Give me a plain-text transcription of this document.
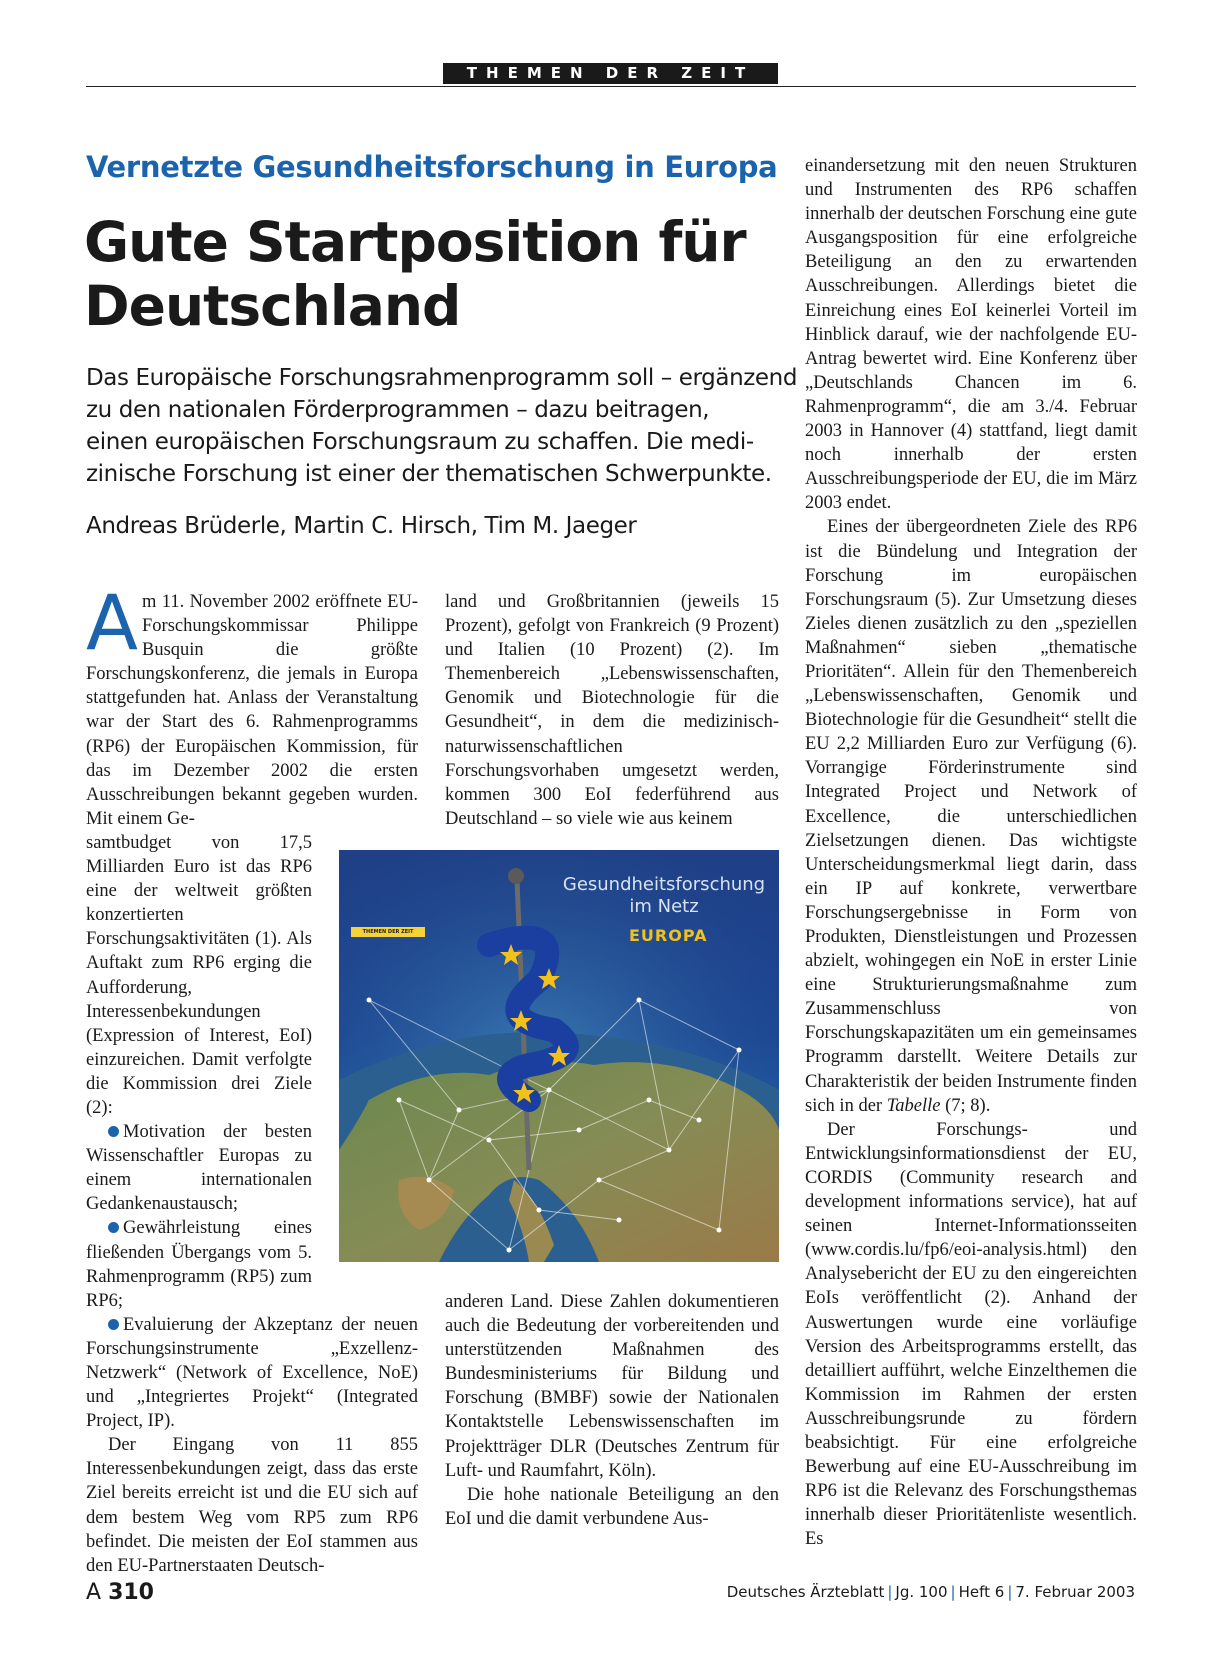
THEMEN DER ZEIT
Vernetzte Gesundheitsforschung in Europa
Gute Startposition für
Deutschland
Das Europäische Forschungsrahmenprogramm soll – ergänzend
zu den nationalen Förderprogrammen – dazu beitragen,
einen europäischen Forschungsraum zu schaffen. Die medi-
zinische Forschung ist einer der thematischen Schwerpunkte.
Andreas Brüderle, Martin C. Hirsch, Tim M. Jaeger

Am 11. November 2002 eröffnete EU-Forschungskommissar Philippe Busquin die größte Forschungskonferenz, die jemals in Europa stattgefunden hat. Anlass der Veranstaltung war der Start des 6. Rahmenprogramms (RP6) der Europäischen Kommission, für das im Dezember 2002 die ersten Ausschreibungen bekannt gegeben wurden. Mit einem Ge-

samtbudget von 17,5 Milliarden Euro ist das RP6 eine der weltweit größten konzertierten Forschungsaktivitäten (1). Als Auftakt zum RP6 erging die Aufforderung, Interessenbekundungen (Expression of Interest, EoI) einzureichen. Damit verfolgte die Kommission drei Ziele (2):

Motivation der besten Wissenschaftler Europas zu einem internationalen Gedankenaustausch;

Gewährleistung eines fließenden Übergangs vom 5. Rahmenprogramm (RP5) zum RP6;

Evaluierung der Akzeptanz der neuen Forschungsinstrumente „Exzellenz-Netzwerk“ (Network of Excellence, NoE) und „Integriertes Projekt“ (Integrated Project, IP).

Der Eingang von 11 855 Interessenbekundungen zeigt, dass das erste Ziel bereits erreicht ist und die EU sich auf dem bestem Weg vom RP5 zum RP6 befindet. Die meisten der EoI stammen aus den EU-Partnerstaaten Deutsch-

land und Großbritannien (jeweils 15 Prozent), gefolgt von Frankreich (9 Prozent) und Italien (10 Prozent) (2). Im Themenbereich „Lebenswissenschaften, Genomik und Biotechnologie für die Gesundheit“, in dem die medizinisch-naturwissenschaftlichen Forschungsvorhaben umgesetzt werden, kommen 300 EoI federführend aus Deutschland – so viele wie aus keinem

THEMEN DER ZEIT
Gesundheitsforschung
im Netz
EUROPA

anderen Land. Diese Zahlen dokumentieren auch die Bedeutung der vorbereitenden und unterstützenden Maßnahmen des Bundesministeriums für Bildung und Forschung (BMBF) sowie der Nationalen Kontaktstelle Lebenswissenschaften im Projektträger DLR (Deutsches Zentrum für Luft- und Raumfahrt, Köln).

Die hohe nationale Beteiligung an den EoI und die damit verbundene Aus-

einandersetzung mit den neuen Strukturen und Instrumenten des RP6 schaffen innerhalb der deutschen Forschung eine gute Ausgangsposition für eine erfolgreiche Beteiligung an den zu erwartenden Ausschreibungen. Allerdings bietet die Einreichung eines EoI keinerlei Vorteil im Hinblick darauf, wie der nachfolgende EU-Antrag bewertet wird. Eine Konferenz über „Deutschlands Chancen im 6. Rahmenprogramm“, die am 3./4. Februar 2003 in Hannover (4) stattfand, liegt damit noch innerhalb der ersten Ausschreibungsperiode der EU, die im März 2003 endet.

Eines der übergeordneten Ziele des RP6 ist die Bündelung und Integration der Forschung im europäischen Forschungsraum (5). Zur Umsetzung dieses Zieles dienen zusätzlich zu den „speziellen Maßnahmen“ sieben „thematische Prioritäten“. Allein für den Themenbereich „Lebenswissenschaften, Genomik und Biotechnologie für die Gesundheit“ stellt die EU 2,2 Milliarden Euro zur Verfügung (6). Vorrangige Förderinstrumente sind Integrated Project und Network of Excellence, die unterschiedlichen Zielsetzungen dienen. Das wichtigste Unterscheidungsmerkmal liegt darin, dass ein IP auf konkrete, verwertbare Forschungsergebnisse in Form von Produkten, Dienstleistungen und Prozessen abzielt, wohingegen ein NoE in erster Linie eine Strukturierungsmaßnahme zum Zusammenschluss von Forschungskapazitäten um ein gemeinsames Programm darstellt. Weitere Details zur Charakteristik der beiden Instrumente finden sich in der Tabelle (7; 8).

Der Forschungs- und Entwicklungsinformationsdienst der EU, CORDIS (Community research and development informations service), hat auf seinen Internet-Informationsseiten (www.cordis.lu/fp6/eoi-analysis.html) den Analysebericht der EU zu den eingereichten EoIs veröffentlicht (2). Anhand der Auswertungen wurde eine vorläufige Version des Arbeitsprogramms erstellt, das detailliert aufführt, welche Einzelthemen die Kommission im Rahmen der ersten Ausschreibungsrunde zu fördern beabsichtigt. Für eine erfolgreiche Bewerbung auf eine EU-Ausschreibung im RP6 ist die Relevanz des Forschungsthemas innerhalb dieser Prioritätenliste wesentlich. Es

A 310	Deutsches Ärzteblatt | Jg. 100 | Heft 6 | 7. Februar 2003
